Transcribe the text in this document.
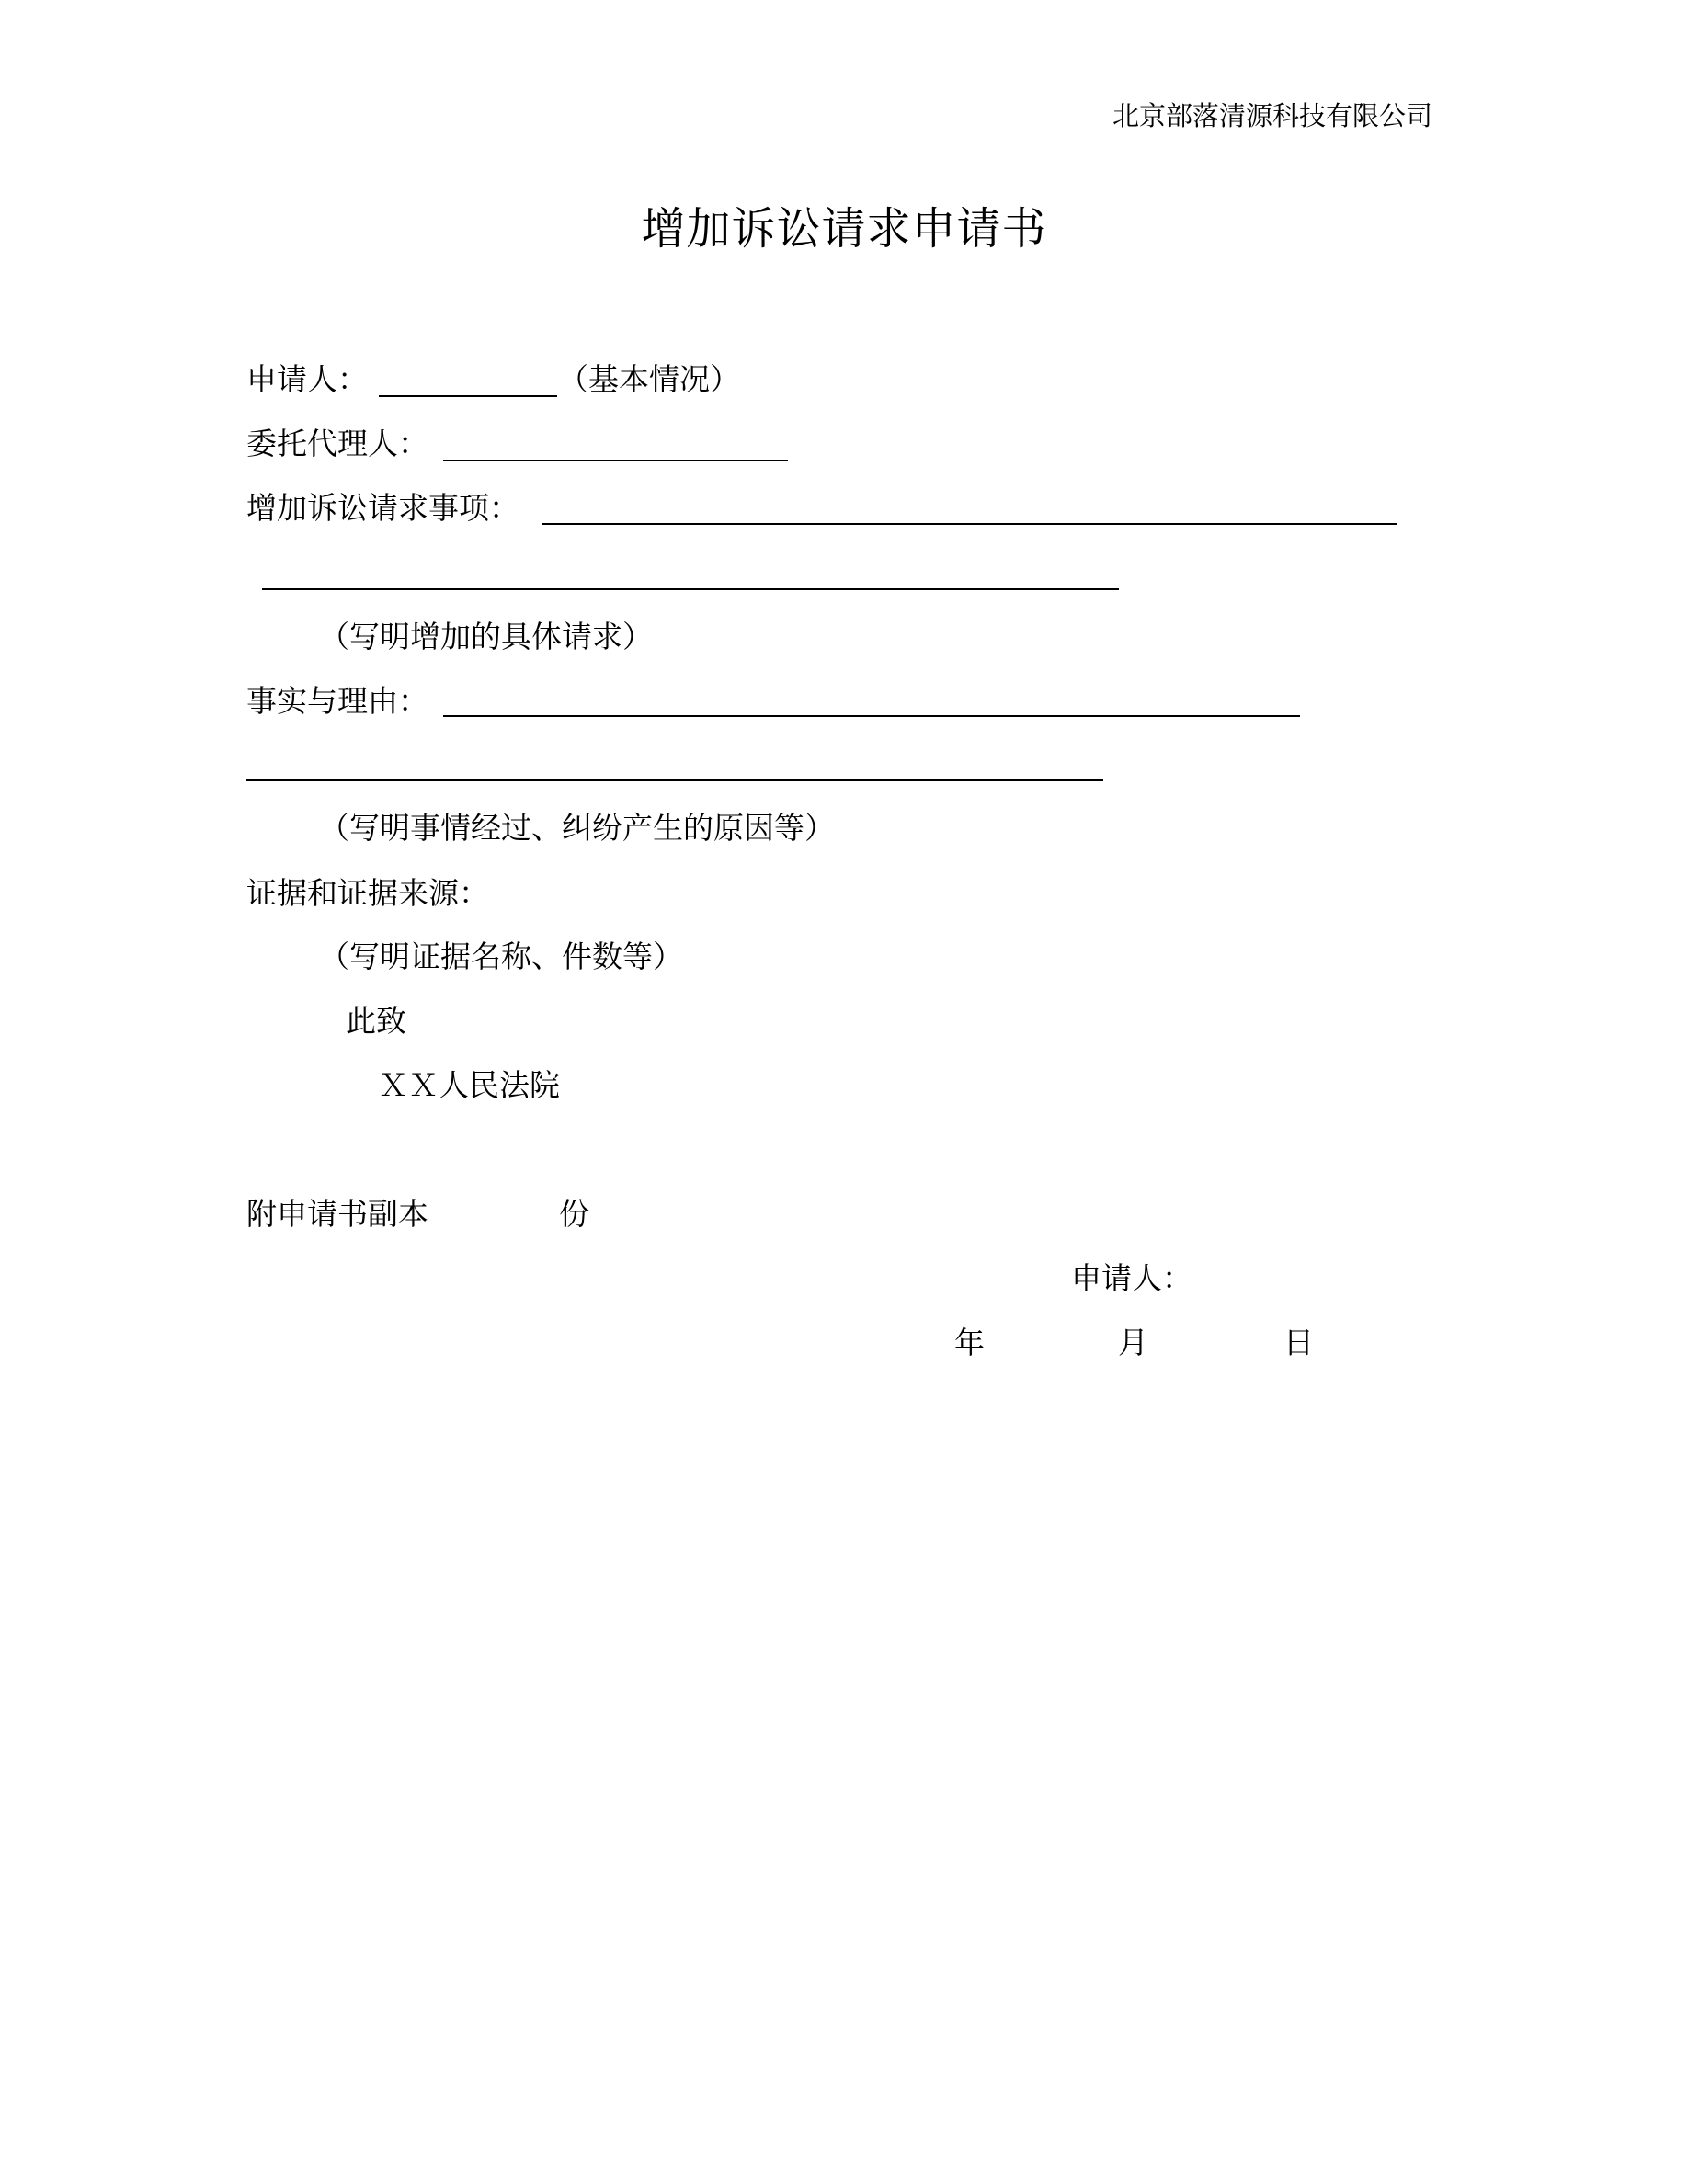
北京部落清源科技有限公司
增加诉讼请求申请书
申请人：	（基本情况）
委托代理人：
增加诉讼请求事项：
（写明增加的具体请求）
事实与理由：
（写明事情经过、纠纷产生的原因等）
证据和证据来源：
（写明证据名称、件数等）
此致
ＸＸ人民法院
附申请书副本	份
申请人：
年	月	日
